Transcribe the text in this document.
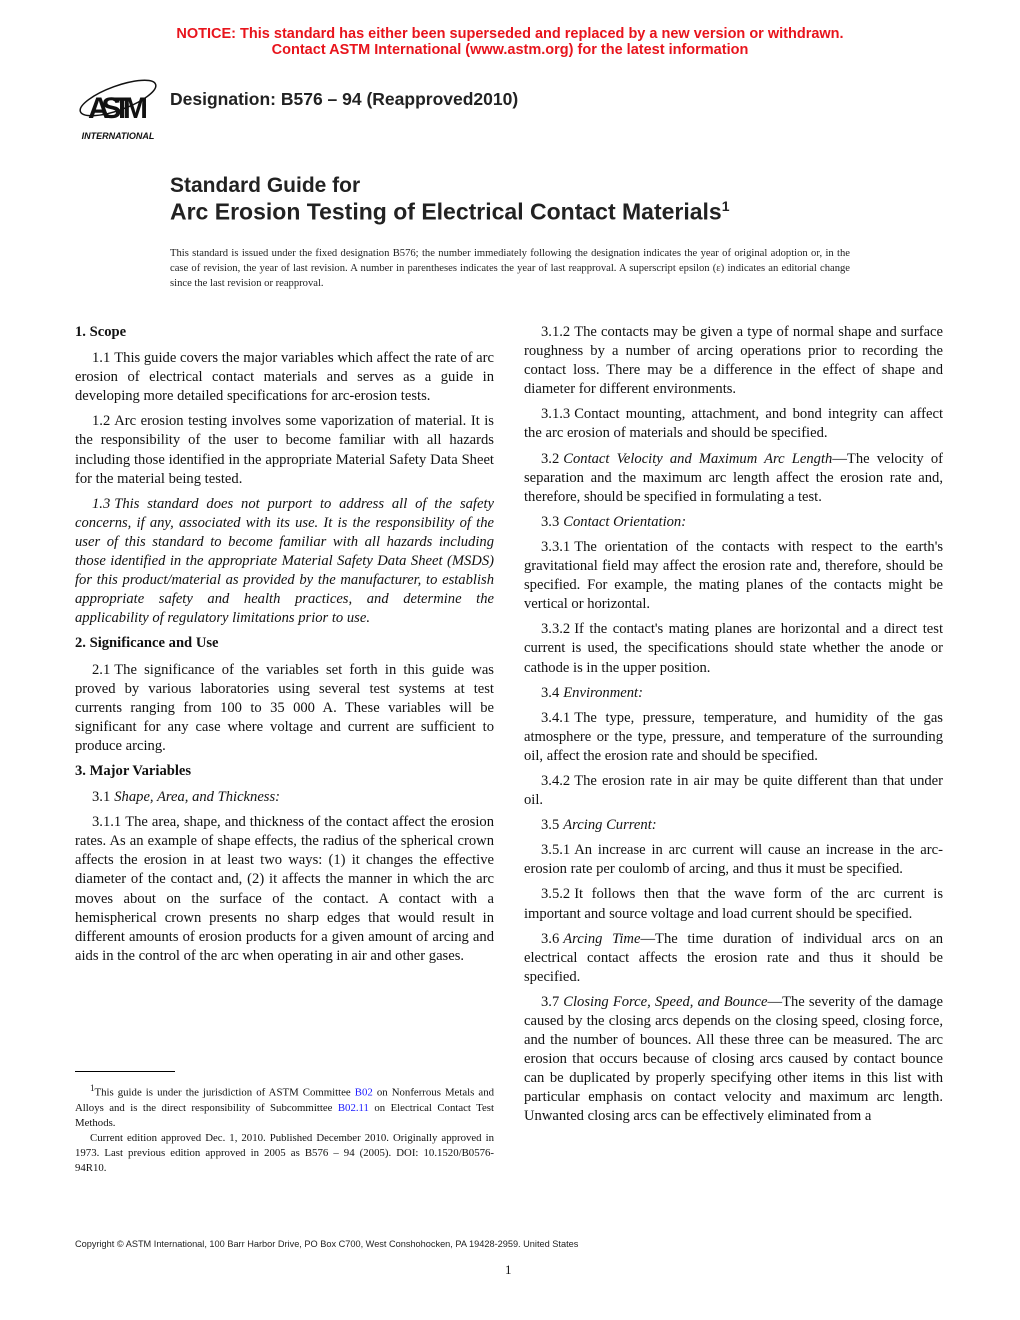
NOTICE: This standard has either been superseded and replaced by a new version or withdrawn.
Contact ASTM International (www.astm.org) for the latest information
ASTM
INTERNATIONAL
Designation: B576 – 94 (Reapproved2010)
Standard Guide for
Arc Erosion Testing of Electrical Contact Materials$^1$
This standard is issued under the fixed designation B576; the number immediately following the designation indicates the year of original adoption or, in the case of revision, the year of last revision. A number in parentheses indicates the year of last reapproval. A superscript epsilon (ε) indicates an editorial change since the last revision or reapproval.
1. Scope
1.1 This guide covers the major variables which affect the rate of arc erosion of electrical contact materials and serves as a guide in developing more detailed specifications for arc-erosion tests.
1.2 Arc erosion testing involves some vaporization of material. It is the responsibility of the user to become familiar with all hazards including those identified in the appropriate Material Safety Data Sheet for the material being tested.
1.3 This standard does not purport to address all of the safety concerns, if any, associated with its use. It is the responsibility of the user of this standard to become familiar with all hazards including those identified in the appropriate Material Safety Data Sheet (MSDS) for this product/material as provided by the manufacturer, to establish appropriate safety and health practices, and determine the applicability of regulatory limitations prior to use.
2. Significance and Use
2.1 The significance of the variables set forth in this guide was proved by various laboratories using several test systems at test currents ranging from 100 to 35 000 A. These variables will be significant for any case where voltage and current are sufficient to produce arcing.
3. Major Variables
3.1 Shape, Area, and Thickness:
3.1.1 The area, shape, and thickness of the contact affect the erosion rates. As an example of shape effects, the radius of the spherical crown affects the erosion in at least two ways: (1) it changes the effective diameter of the contact and, (2) it affects the manner in which the arc moves about on the surface of the contact. A contact with a hemispherical crown presents no sharp edges that would result in different amounts of erosion products for a given amount of arcing and aids in the control of the arc when operating in air and other gases.
3.1.2 The contacts may be given a type of normal shape and surface roughness by a number of arcing operations prior to recording the contact loss. There may be a difference in the effect of shape and diameter for different environments.
3.1.3 Contact mounting, attachment, and bond integrity can affect the arc erosion of materials and should be specified.
3.2 Contact Velocity and Maximum Arc Length—The velocity of separation and the maximum arc length affect the erosion rate and, therefore, should be specified in formulating a test.
3.3 Contact Orientation:
3.3.1 The orientation of the contacts with respect to the earth's gravitational field may affect the erosion rate and, therefore, should be specified. For example, the mating planes of the contacts might be vertical or horizontal.
3.3.2 If the contact's mating planes are horizontal and a direct test current is used, the specifications should state whether the anode or cathode is in the upper position.
3.4 Environment:
3.4.1 The type, pressure, temperature, and humidity of the gas atmosphere or the type, pressure, and temperature of the surrounding oil, affect the erosion rate and should be specified.
3.4.2 The erosion rate in air may be quite different than that under oil.
3.5 Arcing Current:
3.5.1 An increase in arc current will cause an increase in the arc-erosion rate per coulomb of arcing, and thus it must be specified.
3.5.2 It follows then that the wave form of the arc current is important and source voltage and load current should be specified.
3.6 Arcing Time—The time duration of individual arcs on an electrical contact affects the erosion rate and thus it should be specified.
3.7 Closing Force, Speed, and Bounce—The severity of the damage caused by the closing arcs depends on the closing speed, closing force, and the number of bounces. All these three can be measured. The arc erosion that occurs because of closing arcs caused by contact bounce can be duplicated by properly specifying other items in this list with particular emphasis on contact velocity and maximum arc length. Unwanted closing arcs can be effectively eliminated from a

$^1$This guide is under the jurisdiction of ASTM Committee B02 on Nonferrous Metals and Alloys and is the direct responsibility of Subcommittee B02.11 on Electrical Contact Test Methods.

Current edition approved Dec. 1, 2010. Published December 2010. Originally approved in 1973. Last previous edition approved in 2005 as B576 – 94 (2005). DOI: 10.1520/B0576-94R10.

Copyright © ASTM International, 100 Barr Harbor Drive, PO Box C700, West Conshohocken, PA 19428-2959. United States
1
